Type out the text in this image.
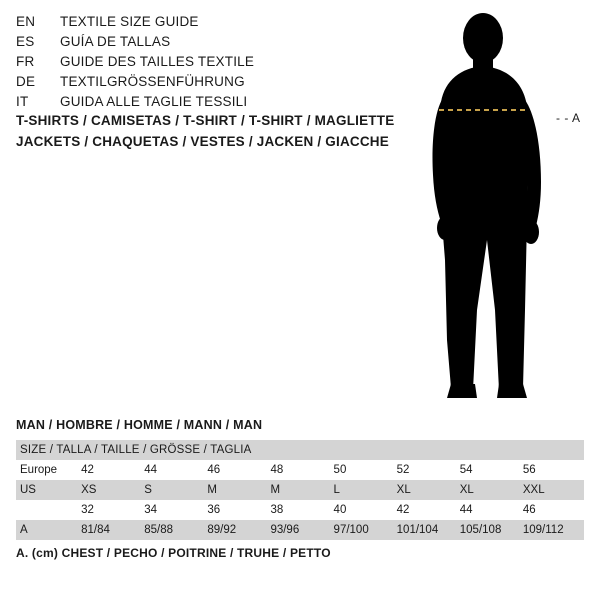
EN	TEXTILE SIZE GUIDE
ES	GUÍA DE TALLAS
FR	GUIDE DES TAILLES TEXTILE
DE	TEXTILGRÖSSENFÜHRUNG
IT	GUIDA ALLE TAGLIE TESSILI
T-SHIRTS / CAMISETAS / T-SHIRT / T-SHIRT / MAGLIETTE
JACKETS / CHAQUETAS / VESTES / JACKEN / GIACCHE
- - A
MAN / HOMBRE / HOMME / MANN / MAN
SIZE / TALLA / TAILLE / GRÖSSE / TAGLIA								
Europe	42	44	46	48	50	52	54	56
US	XS	S	M	M	L	XL	XL	XXL
	32	34	36	38	40	42	44	46
A	81/84	85/88	89/92	93/96	97/100	101/104	105/108	109/112
A. (cm) CHEST / PECHO / POITRINE / TRUHE / PETTO
